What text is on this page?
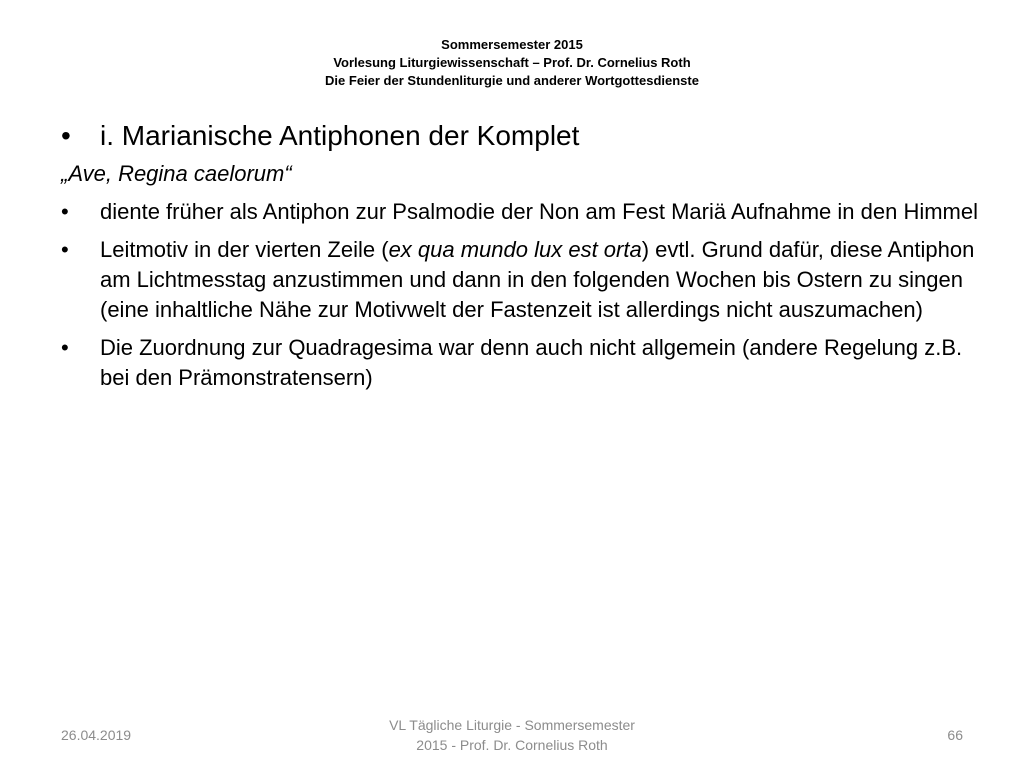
Sommersemester 2015
Vorlesung Liturgiewissenschaft – Prof. Dr. Cornelius Roth
Die Feier der Stundenliturgie und anderer Wortgottesdienste
• i. Marianische Antiphonen der Komplet
„Ave, Regina caelorum“
• diente früher als Antiphon zur Psalmodie der Non am Fest Mariä Aufnahme in den Himmel
• Leitmotiv in der vierten Zeile (ex qua mundo lux est orta) evtl. Grund dafür, diese Antiphon am Lichtmesstag anzustimmen und dann in den folgenden Wochen bis Ostern zu singen (eine inhaltliche Nähe zur Motivwelt der Fastenzeit ist allerdings nicht auszumachen)
• Die Zuordnung zur Quadragesima war denn auch nicht allgemein (andere Regelung z.B. bei den Prämonstratensern)
26.04.2019
VL Tägliche Liturgie - Sommersemester
2015 - Prof. Dr. Cornelius Roth
66
